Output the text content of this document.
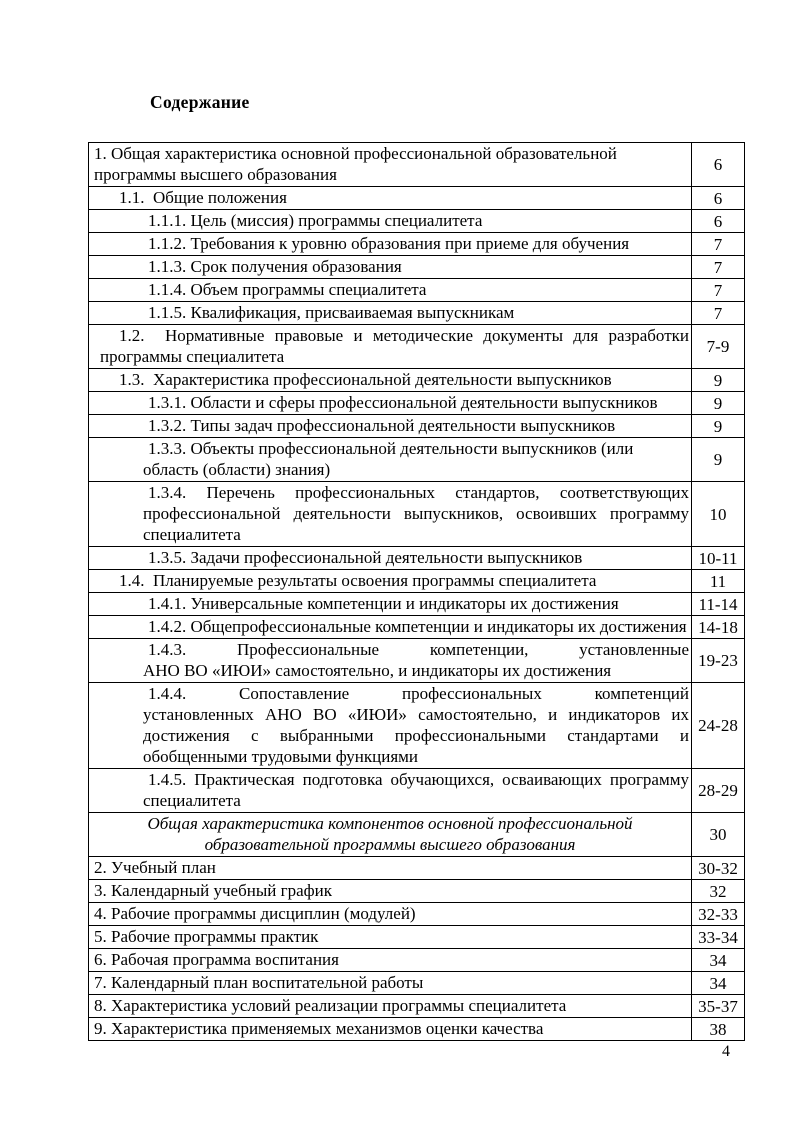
Содержание
1. Общая характеристика основной профессиональной образовательной программы высшего образования	6

1.1.  Общие положения	6

1.1.1. Цель (миссия) программы специалитета	6

1.1.2. Требования к уровню образования при приеме для обучения	7

1.1.3. Срок получения образования	7

1.1.4. Объем программы специалитета	7

1.1.5. Квалификация, присваиваемая выпускникам	7

1.2.  Нормативные правовые и методические документы для разработки программы специалитета	7-9

1.3.  Характеристика профессиональной деятельности выпускников	9

1.3.1. Области и сферы профессиональной деятельности выпускников	9

1.3.2. Типы задач профессиональной деятельности выпускников	9

1.3.3. Объекты профессиональной деятельности выпускников (или область (области) знания)	9

1.3.4. Перечень профессиональных стандартов, соответствующих профессиональной деятельности выпускников, освоивших программу специалитета	10

1.3.5. Задачи профессиональной деятельности выпускников	10-11

1.4.  Планируемые результаты освоения программы специалитета	11

1.4.1. Универсальные компетенции и индикаторы их достижения	11-14

1.4.2. Общепрофессиональные компетенции и индикаторы их достижения	14-18

1.4.3. Профессиональные компетенции, установленные АНО ВО «ИЮИ» самостоятельно, и индикаторы их достижения	19-23

1.4.4. Сопоставление профессиональных компетенций установленных АНО ВО «ИЮИ» самостоятельно, и индикаторов их достижения с выбранными профессиональными стандартами и обобщенными трудовыми функциями	24-28

1.4.5. Практическая подготовка обучающихся, осваивающих программу специалитета	28-29

Общая характеристика компонентов основной профессиональной образовательной программы высшего образования	30

2. Учебный план	30-32

3. Календарный учебный график	32

4. Рабочие программы дисциплин (модулей)	32-33

5. Рабочие программы практик	33-34

6. Рабочая программа воспитания	34

7. Календарный план воспитательной работы	34

8. Характеристика условий реализации программы специалитета	35-37

9. Характеристика применяемых механизмов оценки качества	38
4
